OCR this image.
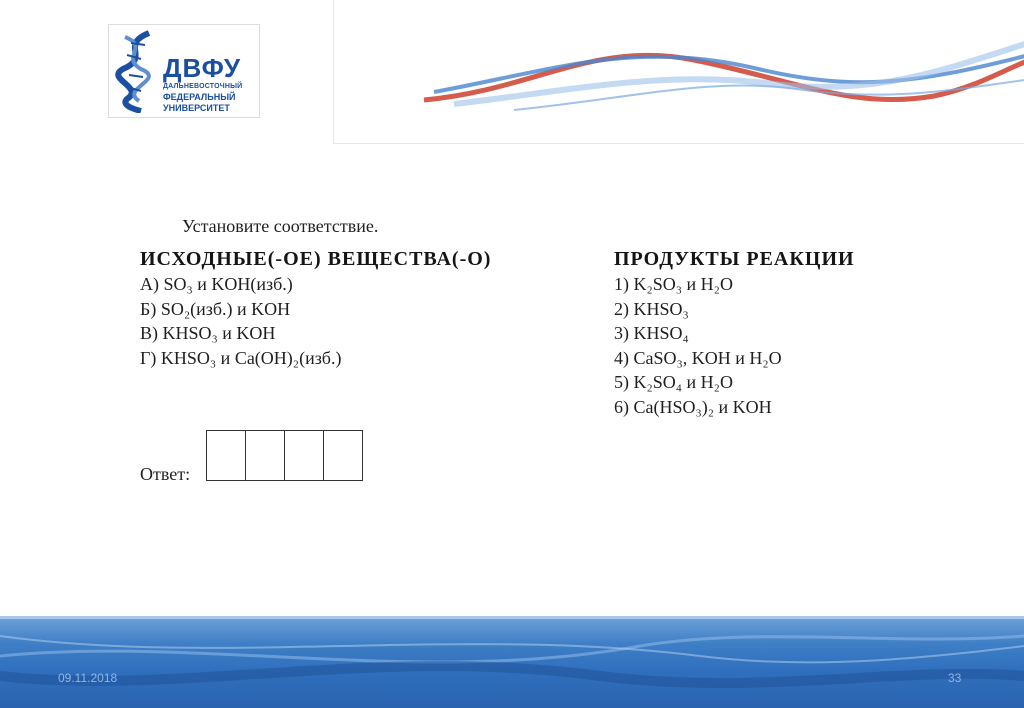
ДВФУ
ДАЛЬНЕВОСТОЧНЫЙ
ФЕДЕРАЛЬНЫЙ
УНИВЕРСИТЕТ
Установите соответствие.
ИСХОДНЫЕ(-ОЕ) ВЕЩЕСТВА(-О)
А) SO₃ и KOH(изб.)
Б) SO₂(изб.) и KOH
В) KHSO₃ и KOH
Г) KHSO₃ и Ca(OH)₂(изб.)
ПРОДУКТЫ РЕАКЦИИ
1) K₂SO₃ и H₂O
2) KHSO₃
3) KHSO₄
4) CaSO₃, KOH и H₂O
5) K₂SO₄ и H₂O
6) Ca(HSO₃)₂ и KOH
Ответ:
09.11.2018	33
